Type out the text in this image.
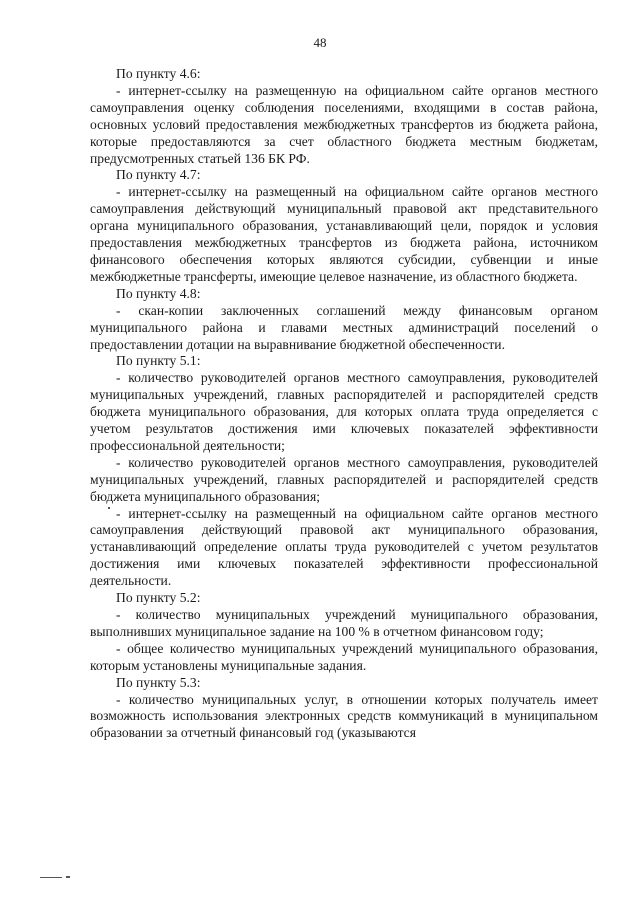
48

По пункту 4.6:

- интернет-ссылку на размещенную на официальном сайте органов местного самоуправления оценку соблюдения поселениями, входящими в состав района, основных условий предоставления межбюджетных трансфертов из бюджета района, которые предоставляются за счет областного бюджета местным бюджетам, предусмотренных статьей 136 БК РФ.

По пункту 4.7:

- интернет-ссылку на размещенный на официальном сайте органов местного самоуправления действующий муниципальный правовой акт представительного органа муниципального образования, устанавливающий цели, порядок и условия предоставления межбюджетных трансфертов из бюджета района, источником финансового обеспечения которых являются субсидии, субвенции и иные межбюджетные трансферты, имеющие целевое назначение, из областного бюджета.

По пункту 4.8:

- скан-копии заключенных соглашений между финансовым органом муниципального района и главами местных администраций поселений о предоставлении дотации на выравнивание бюджетной обеспеченности.

По пункту 5.1:

- количество руководителей органов местного самоуправления, руководителей муниципальных учреждений, главных распорядителей и распорядителей средств бюджета муниципального образования, для которых оплата труда определяется с учетом результатов достижения ими ключевых показателей эффективности профессиональной деятельности;

- количество руководителей органов местного самоуправления, руководителей муниципальных учреждений, главных распорядителей и распорядителей средств бюджета муниципального образования;

- интернет-ссылку на размещенный на официальном сайте органов местного самоуправления действующий правовой акт муниципального образования, устанавливающий определение оплаты труда руководителей с учетом результатов достижения ими ключевых показателей эффективности профессиональной деятельности.

По пункту 5.2:

- количество муниципальных учреждений муниципального образования, выполнивших муниципальное задание на 100 % в отчетном финансовом году;

- общее количество муниципальных учреждений муниципального образования, которым установлены муниципальные задания.

По пункту 5.3:

- количество муниципальных услуг, в отношении которых получатель имеет возможность использования электронных средств коммуникаций в муниципальном образовании за отчетный финансовый год (указываются
